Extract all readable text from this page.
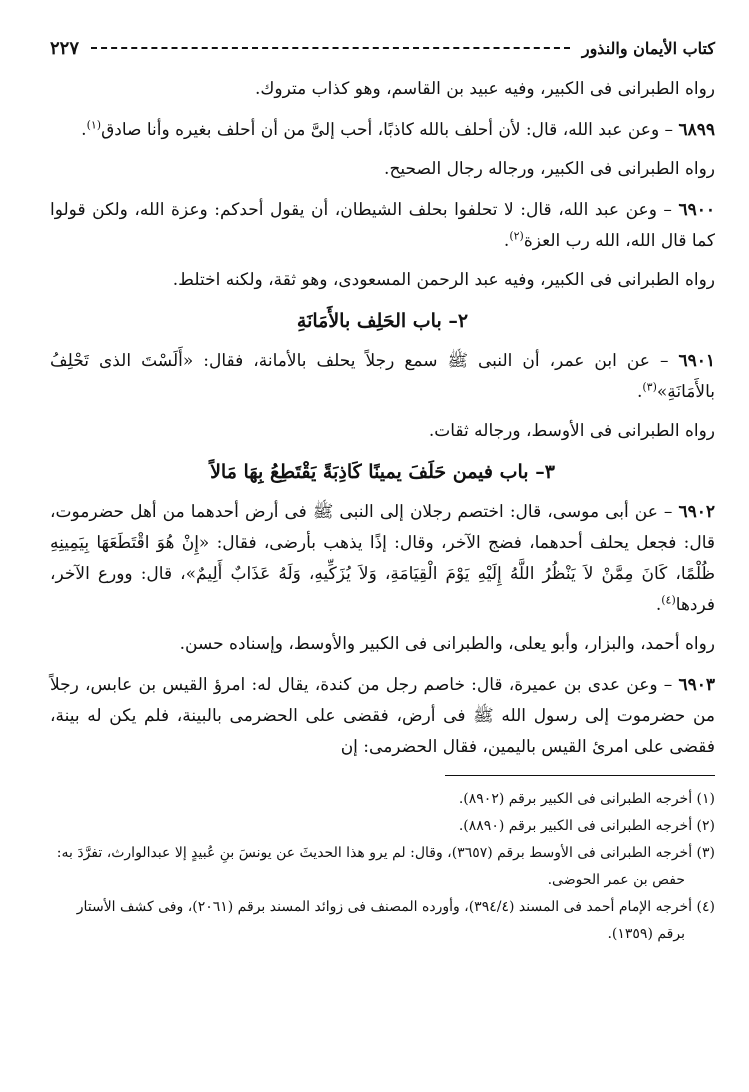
كتاب الأيمان والنذور
٢٢٧

رواه الطبرانى فى الكبير، وفيه عبيد بن القاسم، وهو كذاب متروك.

٦٨٩٩ – وعن عبد الله، قال: لأن أحلف بالله كاذبًا، أحب إلىَّ من أن أحلف بغيره وأنا صادق$^{(١)}$.

رواه الطبرانى فى الكبير، ورجاله رجال الصحيح.

٦٩٠٠ – وعن عبد الله، قال: لا تحلفوا بحلف الشيطان، أن يقول أحدكم: وعزة الله، ولكن قولوا كما قال الله، الله رب العزة$^{(٢)}$.

رواه الطبرانى فى الكبير، وفيه عبد الرحمن المسعودى، وهو ثقة، ولكنه اختلط.

٢– باب الحَلِف بالأَمَانَةِ

٦٩٠١ – عن ابن عمر، أن النبى ﷺ سمع رجلاً يحلف بالأمانة، فقال: «أَلَسْتَ الذى تَحْلِفُ بالأَمَانَةِ»$^{(٣)}$.

رواه الطبرانى فى الأوسط، ورجاله ثقات.

٣– باب فيمن حَلَفَ يمينًا كَاذِبَةً يَقْتَطِعُ بِهَا مَالاً

٦٩٠٢ – عن أبى موسى، قال: اختصم رجلان إلى النبى ﷺ فى أرض أحدهما من أهل حضرموت، قال: فجعل يحلف أحدهما، فضج الآخر، وقال: إذًا يذهب بأرضى، فقال: «إِنْ هُوَ اقْتَطَعَهَا بِيَمِينِهِ ظُلْمًا، كَانَ مِمَّنْ لاَ يَنْظُرُ اللَّهُ إِلَيْهِ يَوْمَ الْقِيَامَةِ، وَلاَ يُزَكِّيهِ، وَلَهُ عَذَابٌ أَلِيمٌ»، قال: وورع الآخر، فردها$^{(٤)}$.

رواه أحمد، والبزار، وأبو يعلى، والطبرانى فى الكبير والأوسط، وإسناده حسن.

٦٩٠٣ – وعن عدى بن عميرة، قال: خاصم رجل من كندة، يقال له: امرؤ القيس بن عابس، رجلاً من حضرموت إلى رسول الله ﷺ فى أرض، فقضى على الحضرمى بالبينة، فلم يكن له بينة، فقضى على امرئ القيس باليمين، فقال الحضرمى: إن

(١) أخرجه الطبرانى فى الكبير برقم (٨٩٠٢).

(٢) أخرجه الطبرانى فى الكبير برقم (٨٨٩٠).

(٣) أخرجه الطبرانى فى الأوسط برقم (٣٦٥٧)، وقال: لم يرو هذا الحديثَ عن يونسَ بنِ عُبيدٍ إلا عبدالوارث، تفرَّدَ به: حفص بن عمر الحوضى.

(٤) أخرجه الإمام أحمد فى المسند (٣٩٤/٤)، وأورده المصنف فى زوائد المسند برقم (٢٠٦١)، وفى كشف الأستار برقم (١٣٥٩).
